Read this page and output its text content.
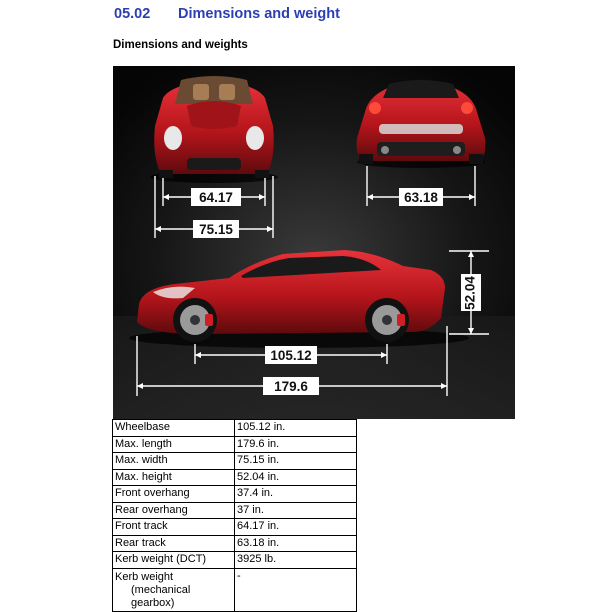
05.02 Dimensions and weight
Dimensions and weights
64.17
75.15
63.18
52.04
105.12
179.6
Wheelbase	105.12 in.
Max. length	179.6 in.
Max. width	75.15 in.
Max. height	52.04 in.
Front overhang	37.4 in.
Rear overhang	37 in.
Front track	64.17 in.
Rear track	63.18 in.
Kerb weight (DCT)	3925 lb.
Kerb weight
(mechanical
gearbox)	-
